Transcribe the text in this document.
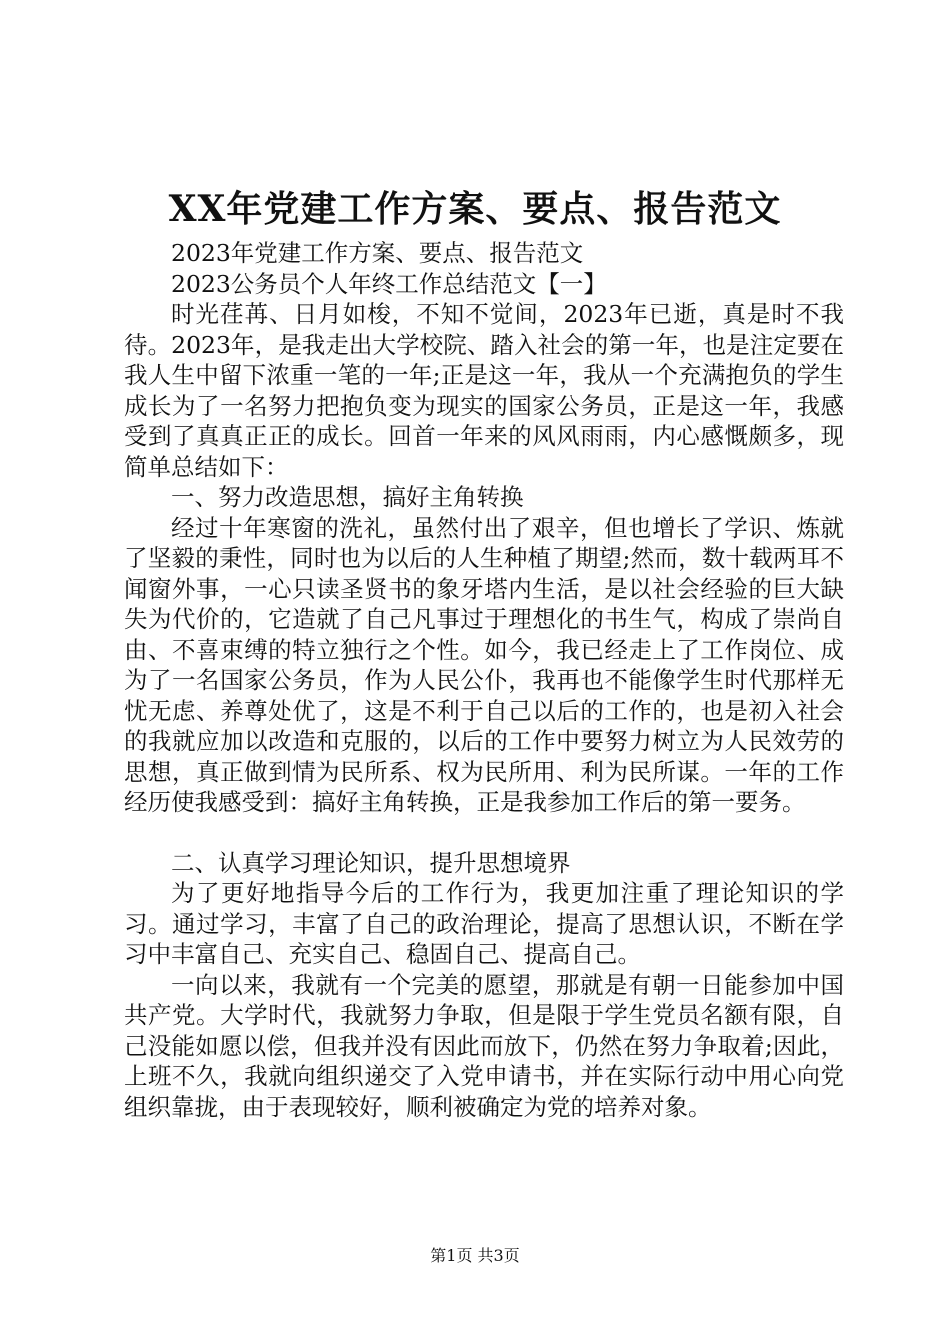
XX年党建工作方案、要点、报告范文

2023年党建工作方案、要点、报告范文

2023公务员个人年终工作总结范文【一】

时光荏苒、日月如梭，不知不觉间，2023年已逝，真是时不我待。2023年，是我走出大学校院、踏入社会的第一年，也是注定要在我人生中留下浓重一笔的一年;正是这一年，我从一个充满抱负的学生成长为了一名努力把抱负变为现实的国家公务员，正是这一年，我感受到了真真正正的成长。回首一年来的风风雨雨，内心感慨颇多，现简单总结如下：

一、努力改造思想，搞好主角转换

经过十年寒窗的洗礼，虽然付出了艰辛，但也增长了学识、炼就了坚毅的秉性，同时也为以后的人生种植了期望;然而，数十载两耳不闻窗外事，一心只读圣贤书的象牙塔内生活，是以社会经验的巨大缺失为代价的，它造就了自己凡事过于理想化的书生气，构成了崇尚自由、不喜束缚的特立独行之个性。如今，我已经走上了工作岗位、成为了一名国家公务员，作为人民公仆，我再也不能像学生时代那样无忧无虑、养尊处优了，这是不利于自己以后的工作的，也是初入社会的我就应加以改造和克服的，以后的工作中要努力树立为人民效劳的思想，真正做到情为民所系、权为民所用、利为民所谋。一年的工作经历使我感受到：搞好主角转换，正是我参加工作后的第一要务。

二、认真学习理论知识，提升思想境界

为了更好地指导今后的工作行为，我更加注重了理论知识的学习。通过学习，丰富了自己的政治理论，提高了思想认识，不断在学习中丰富自己、充实自己、稳固自己、提高自己。

一向以来，我就有一个完美的愿望，那就是有朝一日能参加中国共产党。大学时代，我就努力争取，但是限于学生党员名额有限，自己没能如愿以偿，但我并没有因此而放下，仍然在努力争取着;因此，上班不久，我就向组织递交了入党申请书，并在实际行动中用心向党组织靠拢，由于表现较好，顺利被确定为党的培养对象。

第1页 共3页
